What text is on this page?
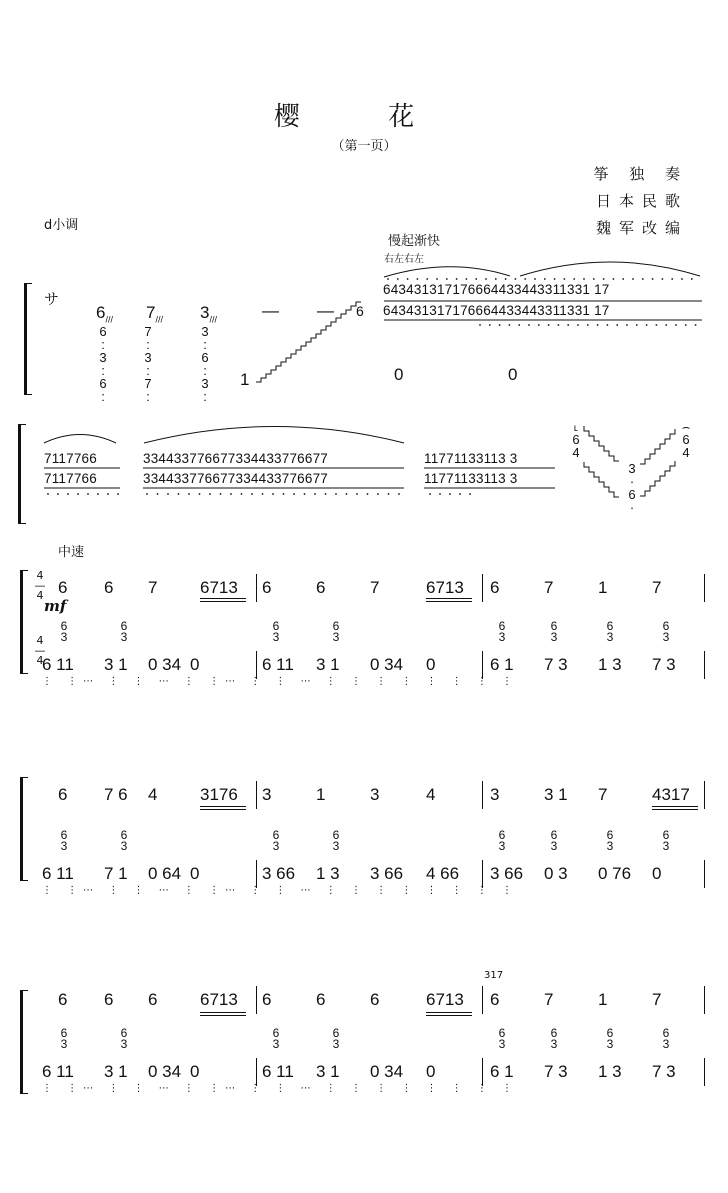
樱 花
（第一页）
筝 独 奏
日本民歌
魏军改编
d小调
サ
慢起渐快
右左右左
$6_{///}$ $7_{///}$ $3_{///}$	— — 6
6
:
3
:
6
:
7
:
3
:
7
:
3
:
6
:
3
:
1
643431317176664433443311331 17
643431317176664433443311331 17
0	0
7117766
7117766
334433776677334433776677
334433776677334433776677
11771133113 3
11771133113 3
˪
6
4
3
·
6
·
⌢
6
4
中速
4
—
4
4
—
4
mf
6 6 7	6713 6	6	7	6713 6	7	1	7
6 11 3 1 0 34 0	6 11 3 1 0 34 0	6 1 7 3 1 3 7 3
6
3
6
3
6
3
6
3
6
3
6
3
6
3
6
3
⋮ ⋮⋯ ⋮ ⋮ ⋯ ⋮ ⋮⋯ ⋮ ⋮ ⋯ ⋮ ⋮ ⋮ ⋮ ⋮ ⋮ ⋮ ⋮
6 7 6 4	3176 3	1	3	4	3	3 1 7	4317
6 11 7 1 0 64 0	3 66 1 3 3 66 4 66 3 66 0 3 0 76 0
6
3
6
3
6
3
6
3
6
3
6
3
6
3
6
3
⋮ ⋮⋯ ⋮ ⋮ ⋯ ⋮ ⋮⋯ ⋮ ⋮ ⋯ ⋮ ⋮ ⋮ ⋮ ⋮ ⋮ ⋮ ⋮
317
6 6 6	6713 6	6	6	6713 6	7	1	7
6 11 3 1 0 34 0	6 11 3 1 0 34 0	6 1 7 3 1 3 7 3
6
3
6
3
6
3
6
3
6
3
6
3
6
3
6
3
⋮ ⋮⋯ ⋮ ⋮ ⋯ ⋮ ⋮⋯ ⋮ ⋮ ⋯ ⋮ ⋮ ⋮ ⋮ ⋮ ⋮ ⋮ ⋮
